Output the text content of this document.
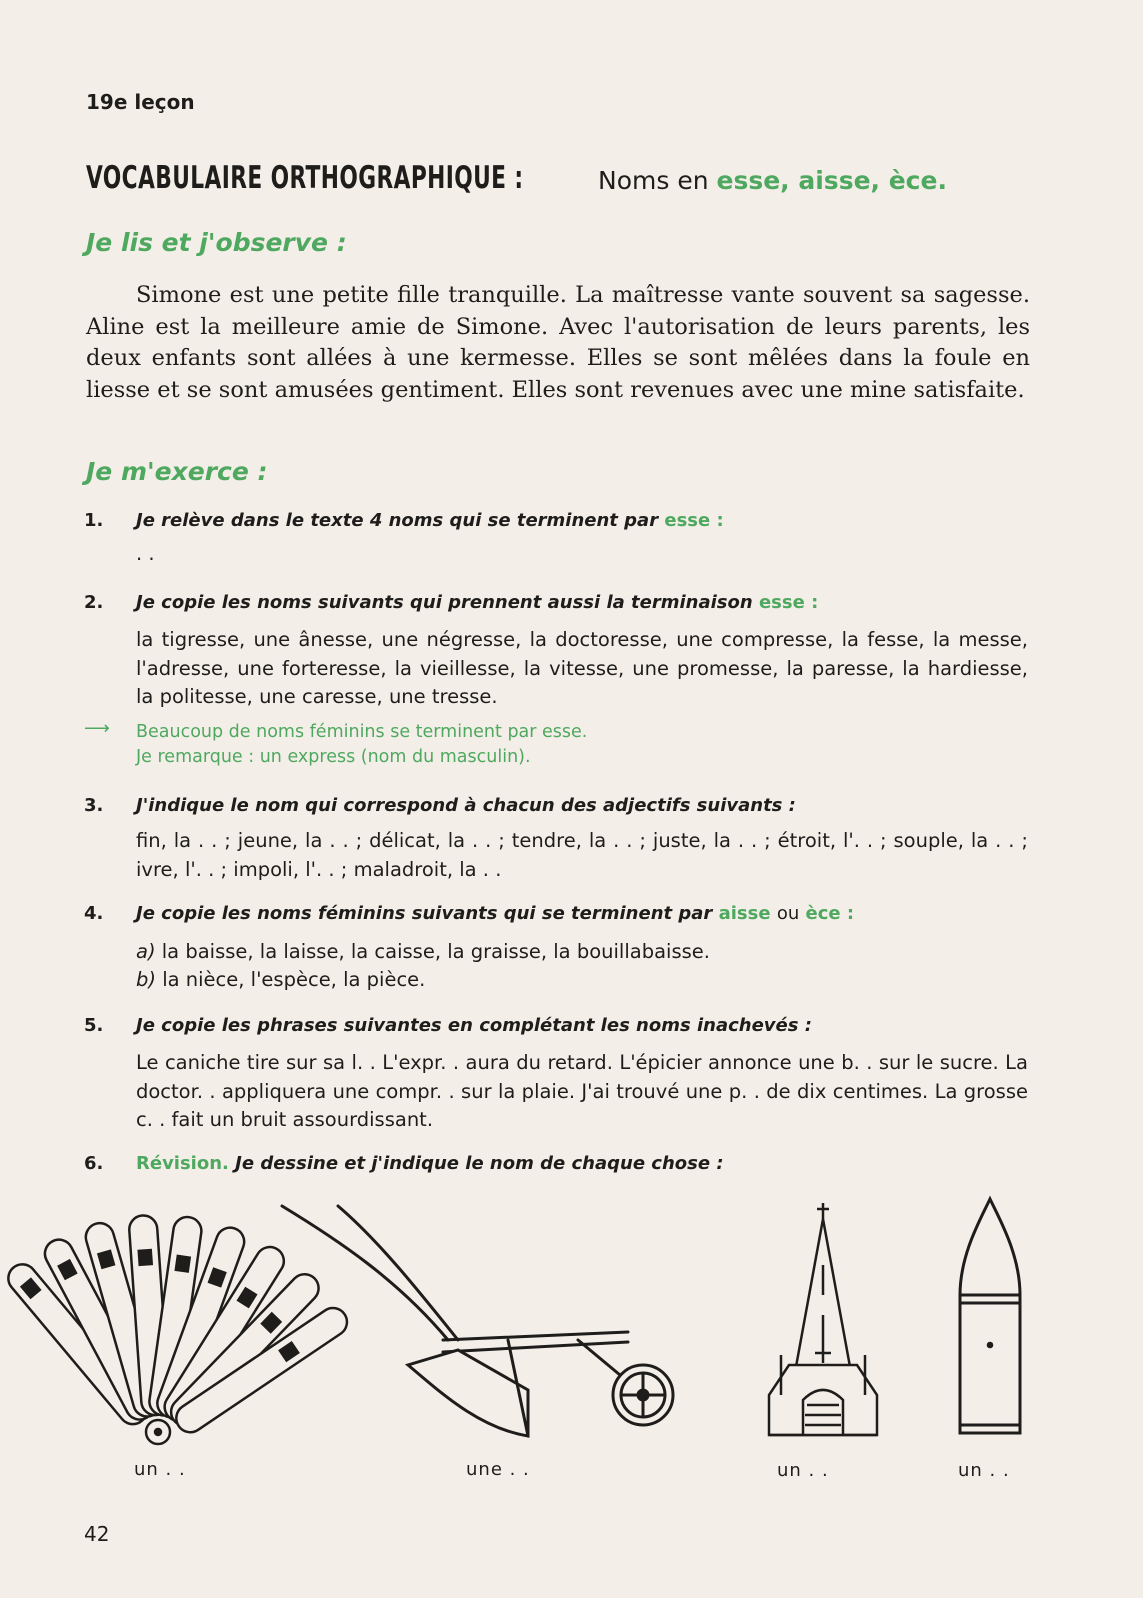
19e leçon
VOCABULAIRE ORTHOGRAPHIQUE :	Noms en esse, aisse, èce.
Je lis et j'observe :
Simone est une petite fille tranquille. La maîtresse vante souvent sa sagesse. Aline est la meilleure amie de Simone. Avec l'autorisation de leurs parents, les deux enfants sont allées à une kermesse. Elles se sont mêlées dans la foule en liesse et se sont amusées gentiment. Elles sont revenues avec une mine satisfaite.
Je m'exerce :
1. Je relève dans le texte 4 noms qui se terminent par esse :
. .
2. Je copie les noms suivants qui prennent aussi la terminaison esse :
la tigresse, une ânesse, une négresse, la doctoresse, une compresse, la fesse, la messe, l'adresse, une forteresse, la vieillesse, la vitesse, une promesse, la paresse, la hardiesse, la politesse, une caresse, une tresse.
⟶ Beaucoup de noms féminins se terminent par esse.
Je remarque : un express (nom du masculin).
3. J'indique le nom qui correspond à chacun des adjectifs suivants :
fin, la . . ; jeune, la . . ; délicat, la . . ; tendre, la . . ; juste, la . . ; étroit, l'. . ; souple, la . . ; ivre, l'. . ; impoli, l'. . ; maladroit, la . .
4. Je copie les noms féminins suivants qui se terminent par aisse ou èce :
a) la baisse, la laisse, la caisse, la graisse, la bouillabaisse.
b) la nièce, l'espèce, la pièce.
5. Je copie les phrases suivantes en complétant les noms inachevés :
Le caniche tire sur sa l. . L'expr. . aura du retard. L'épicier annonce une b. . sur le sucre. La doctor. . appliquera une compr. . sur la plaie. J'ai trouvé une p. . de dix centimes. La grosse c. . fait un bruit assourdissant.
6. Révision. Je dessine et j'indique le nom de chaque chose :
un . .	une . .	un . .	un . .
42
